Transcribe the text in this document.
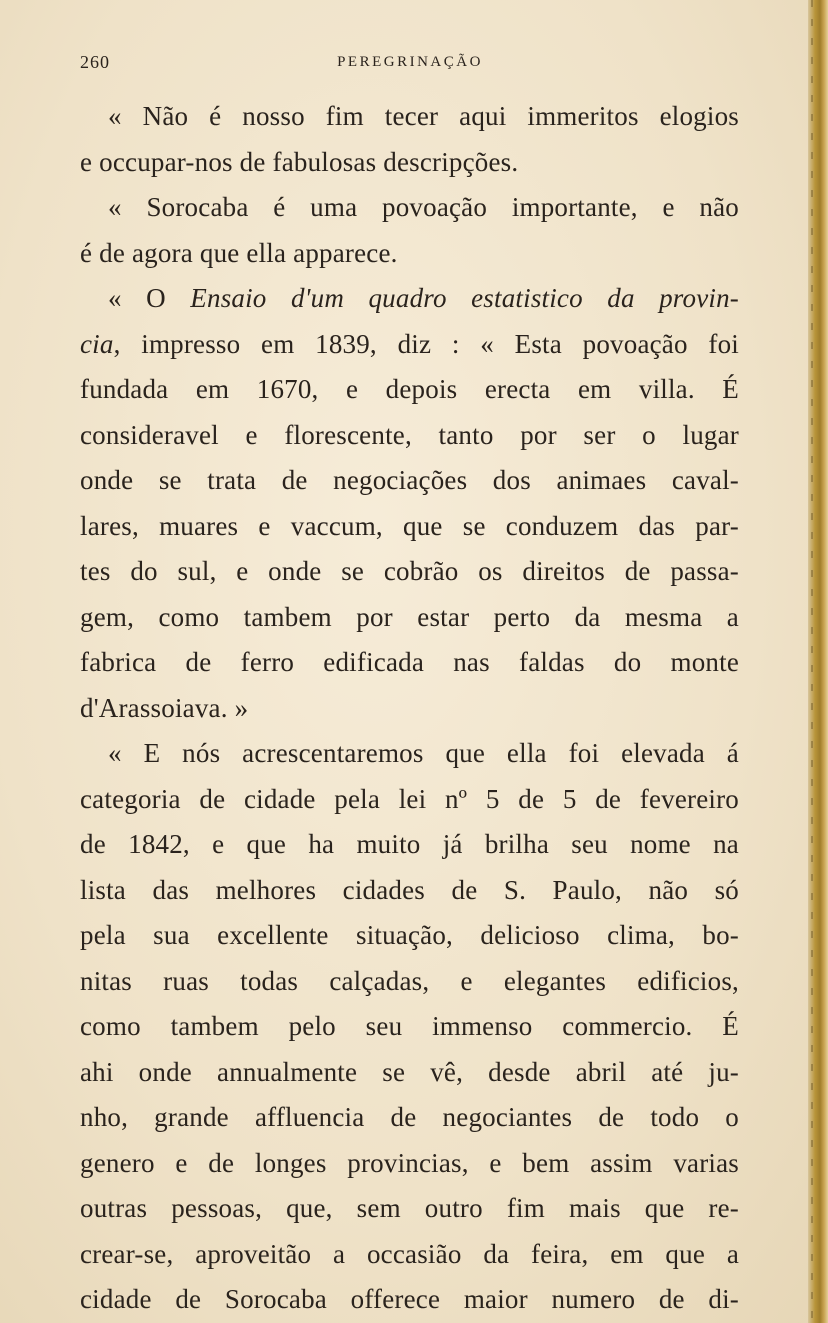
260	PEREGRINAÇÃO
« Não é nosso fim tecer aqui immeritos elogios
e occupar-nos de fabulosas descripções.
« Sorocaba é uma povoação importante, e não
é de agora que ella apparece.
« O Ensaio d'um quadro estatistico da provin-
cia, impresso em 1839, diz : « Esta povoação foi
fundada em 1670, e depois erecta em villa. É
consideravel e florescente, tanto por ser o lugar
onde se trata de negociações dos animaes caval-
lares, muares e vaccum, que se conduzem das par-
tes do sul, e onde se cobrão os direitos de passa-
gem, como tambem por estar perto da mesma a
fabrica de ferro edificada nas faldas do monte
d'Arassoiava. »
« E nós acrescentaremos que ella foi elevada á
categoria de cidade pela lei nº 5 de 5 de fevereiro
de 1842, e que ha muito já brilha seu nome na
lista das melhores cidades de S. Paulo, não só
pela sua excellente situação, delicioso clima, bo-
nitas ruas todas calçadas, e elegantes edificios,
como tambem pelo seu immenso commercio. É
ahi onde annualmente se vê, desde abril até ju-
nho, grande affluencia de negociantes de todo o
genero e de longes provincias, e bem assim varias
outras pessoas, que, sem outro fim mais que re-
crear-se, aproveitão a occasião da feira, em que a
cidade de Sorocaba offerece maior numero de di-
